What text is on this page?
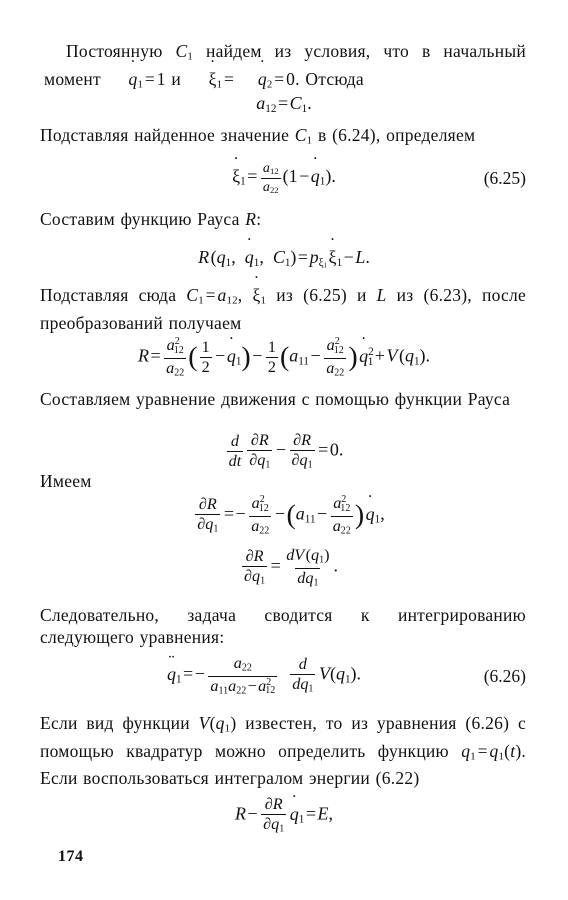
Постоянную $C_1$ найдем из условия, что в начальный момент ˙ $q_1$ = 1 и ˙ $\xi_1$ = ˙ $q_2$ = 0. Отсюда

$a_{12}$ = $C_1$.

Подставляя найденное значение $C_1$ в (6.24), определяем

˙ $\xi_1$ =  $\frac{a_{12}}{a_{22}} (1$ − ˙ $q_1$).	(6.25)

Составим функцию Рауса R:

R ($q_1$,  ˙ $q_1$,  $C_1$) = $p_{\xi_1}$ ˙ $\xi_1$ − L.

Подставляя сюда $C_1$ = $a_{12}$, ˙ $\xi_1$ из (6.25) и L из (6.23), после преобразований получаем

R =  $\frac{a^2_{12}}{a_{22}}$ ( $\frac{1}{2}$  − ˙ $q_1$) −  $\frac{1}{2} (a_{11}$ −  $\frac{a^2_{12}}{a_{22}}$ ) ˙ $q^2_1$ + V $(q_1)$.

Составляем уравнение движения с помощью функции Рауса

$\frac{d}{dt} \frac{\partial R}{\partial˙ q_1}$  −  $\frac{\partial R}{\partial q_1}$  = 0.

Имеем

$\frac{\partial R}{\partial˙ q_1}$  = −  $\frac{a^2_{12}}{a_{22}}$  − ($a_{11}$ −  $\frac{a^2_{12}}{a_{22}}$ ) ˙ $q_1$,
$\frac{\partial R}{\partial q_1}$  =  $\frac{dV (q_1)}{dq_1}$ .

Следовательно, задача сводится к интегрированию следующего уравнения:

¨ $q_1$ = −  $\frac{a_{22}}{a_{11}a_{22} - a^2_{12}}$
$\frac{d}{dq_1}$
  $V(q_1)$.	(6.26)

Если вид функции $V(q_1)$ известен, то из уравнения (6.26) с помощью квадратур можно определить функцию $q_1$ = $q_1(t)$. Если воспользоваться интегралом энергии (6.22)

R −  $\frac{\partial R}{\partial˙ q_1}$
  ˙ $q_1$ = E,
174
